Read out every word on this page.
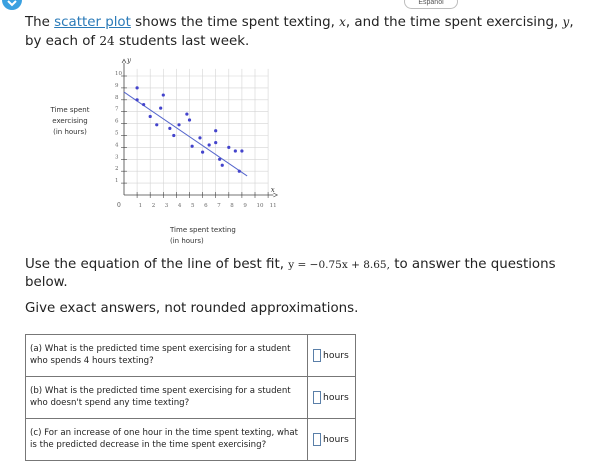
Español
The scatter plot shows the time spent texting, x, and the time spent exercising, y,
by each of 24 students last week.
Time spent
exercising
(in hours)
Time spent texting
(in hours)
y
x
0	1 2 3 4 5 6 7 8 9 10 11
1
2
3
4
5
6
7
8
9
10
Use the equation of the line of best fit, y = −0.75x + 8.65, to answer the questions
below.
Give exact answers, not rounded approximations.
(a) What is the predicted time spent exercising for a student who spends 4 hours texting?	hours
(b) What is the predicted time spent exercising for a student who doesn't spend any time texting?	hours
(c) For an increase of one hour in the time spent texting, what is the predicted decrease in the time spent exercising?	hours
